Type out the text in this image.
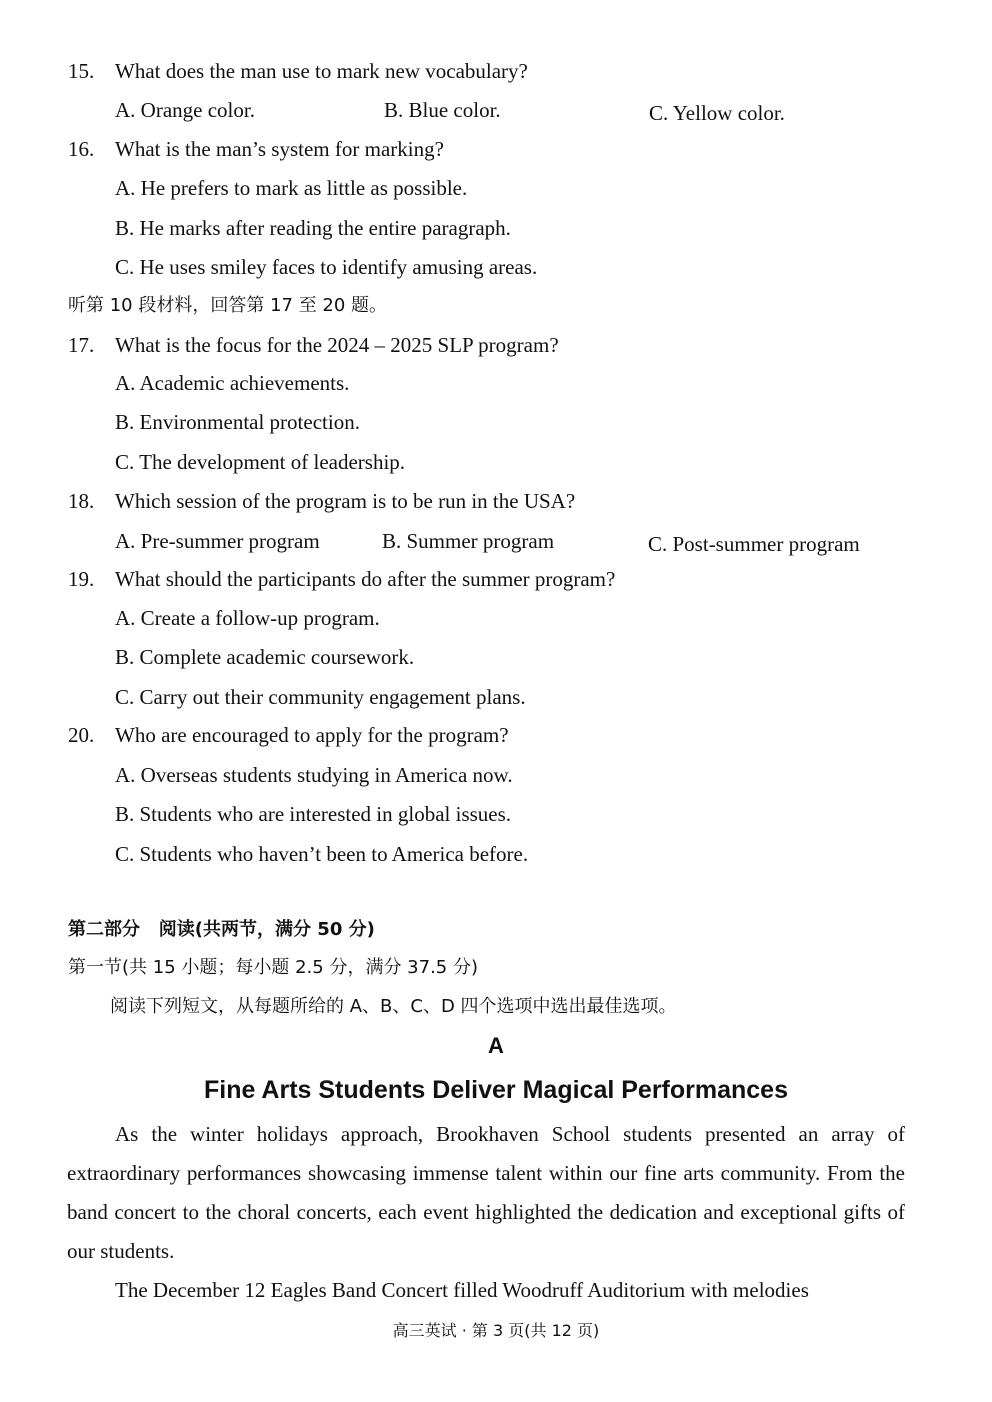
15. What does the man use to mark new vocabulary?
A. Orange color.	B. Blue color.	C. Yellow color.
16. What is the man’s system for marking?
A. He prefers to mark as little as possible.
B. He marks after reading the entire paragraph.
C. He uses smiley faces to identify amusing areas.
听第 10 段材料，回答第 17 至 20 题。
17. What is the focus for the 2024 – 2025 SLP program?
A. Academic achievements.
B. Environmental protection.
C. The development of leadership.
18. Which session of the program is to be run in the USA?
A. Pre-summer program	B. Summer program	C. Post-summer program
19. What should the participants do after the summer program?
A. Create a follow-up program.
B. Complete academic coursework.
C. Carry out their community engagement plans.
20. Who are encouraged to apply for the program?
A. Overseas students studying in America now.
B. Students who are interested in global issues.
C. Students who haven’t been to America before.
第二部分   阅读(共两节，满分 50 分)
第一节(共 15 小题；每小题 2.5 分，满分 37.5 分)
阅读下列短文，从每题所给的 A、B、C、D 四个选项中选出最佳选项。
A
Fine Arts Students Deliver Magical Performances

As the winter holidays approach, Brookhaven School students presented an array of extraordinary performances showcasing immense talent within our fine arts community. From the band concert to the choral concerts, each event highlighted the dedication and exceptional gifts of our students.

The December 12 Eagles Band Concert filled Woodruff Auditorium with melodies

高三英试 · 第 3 页(共 12 页)
